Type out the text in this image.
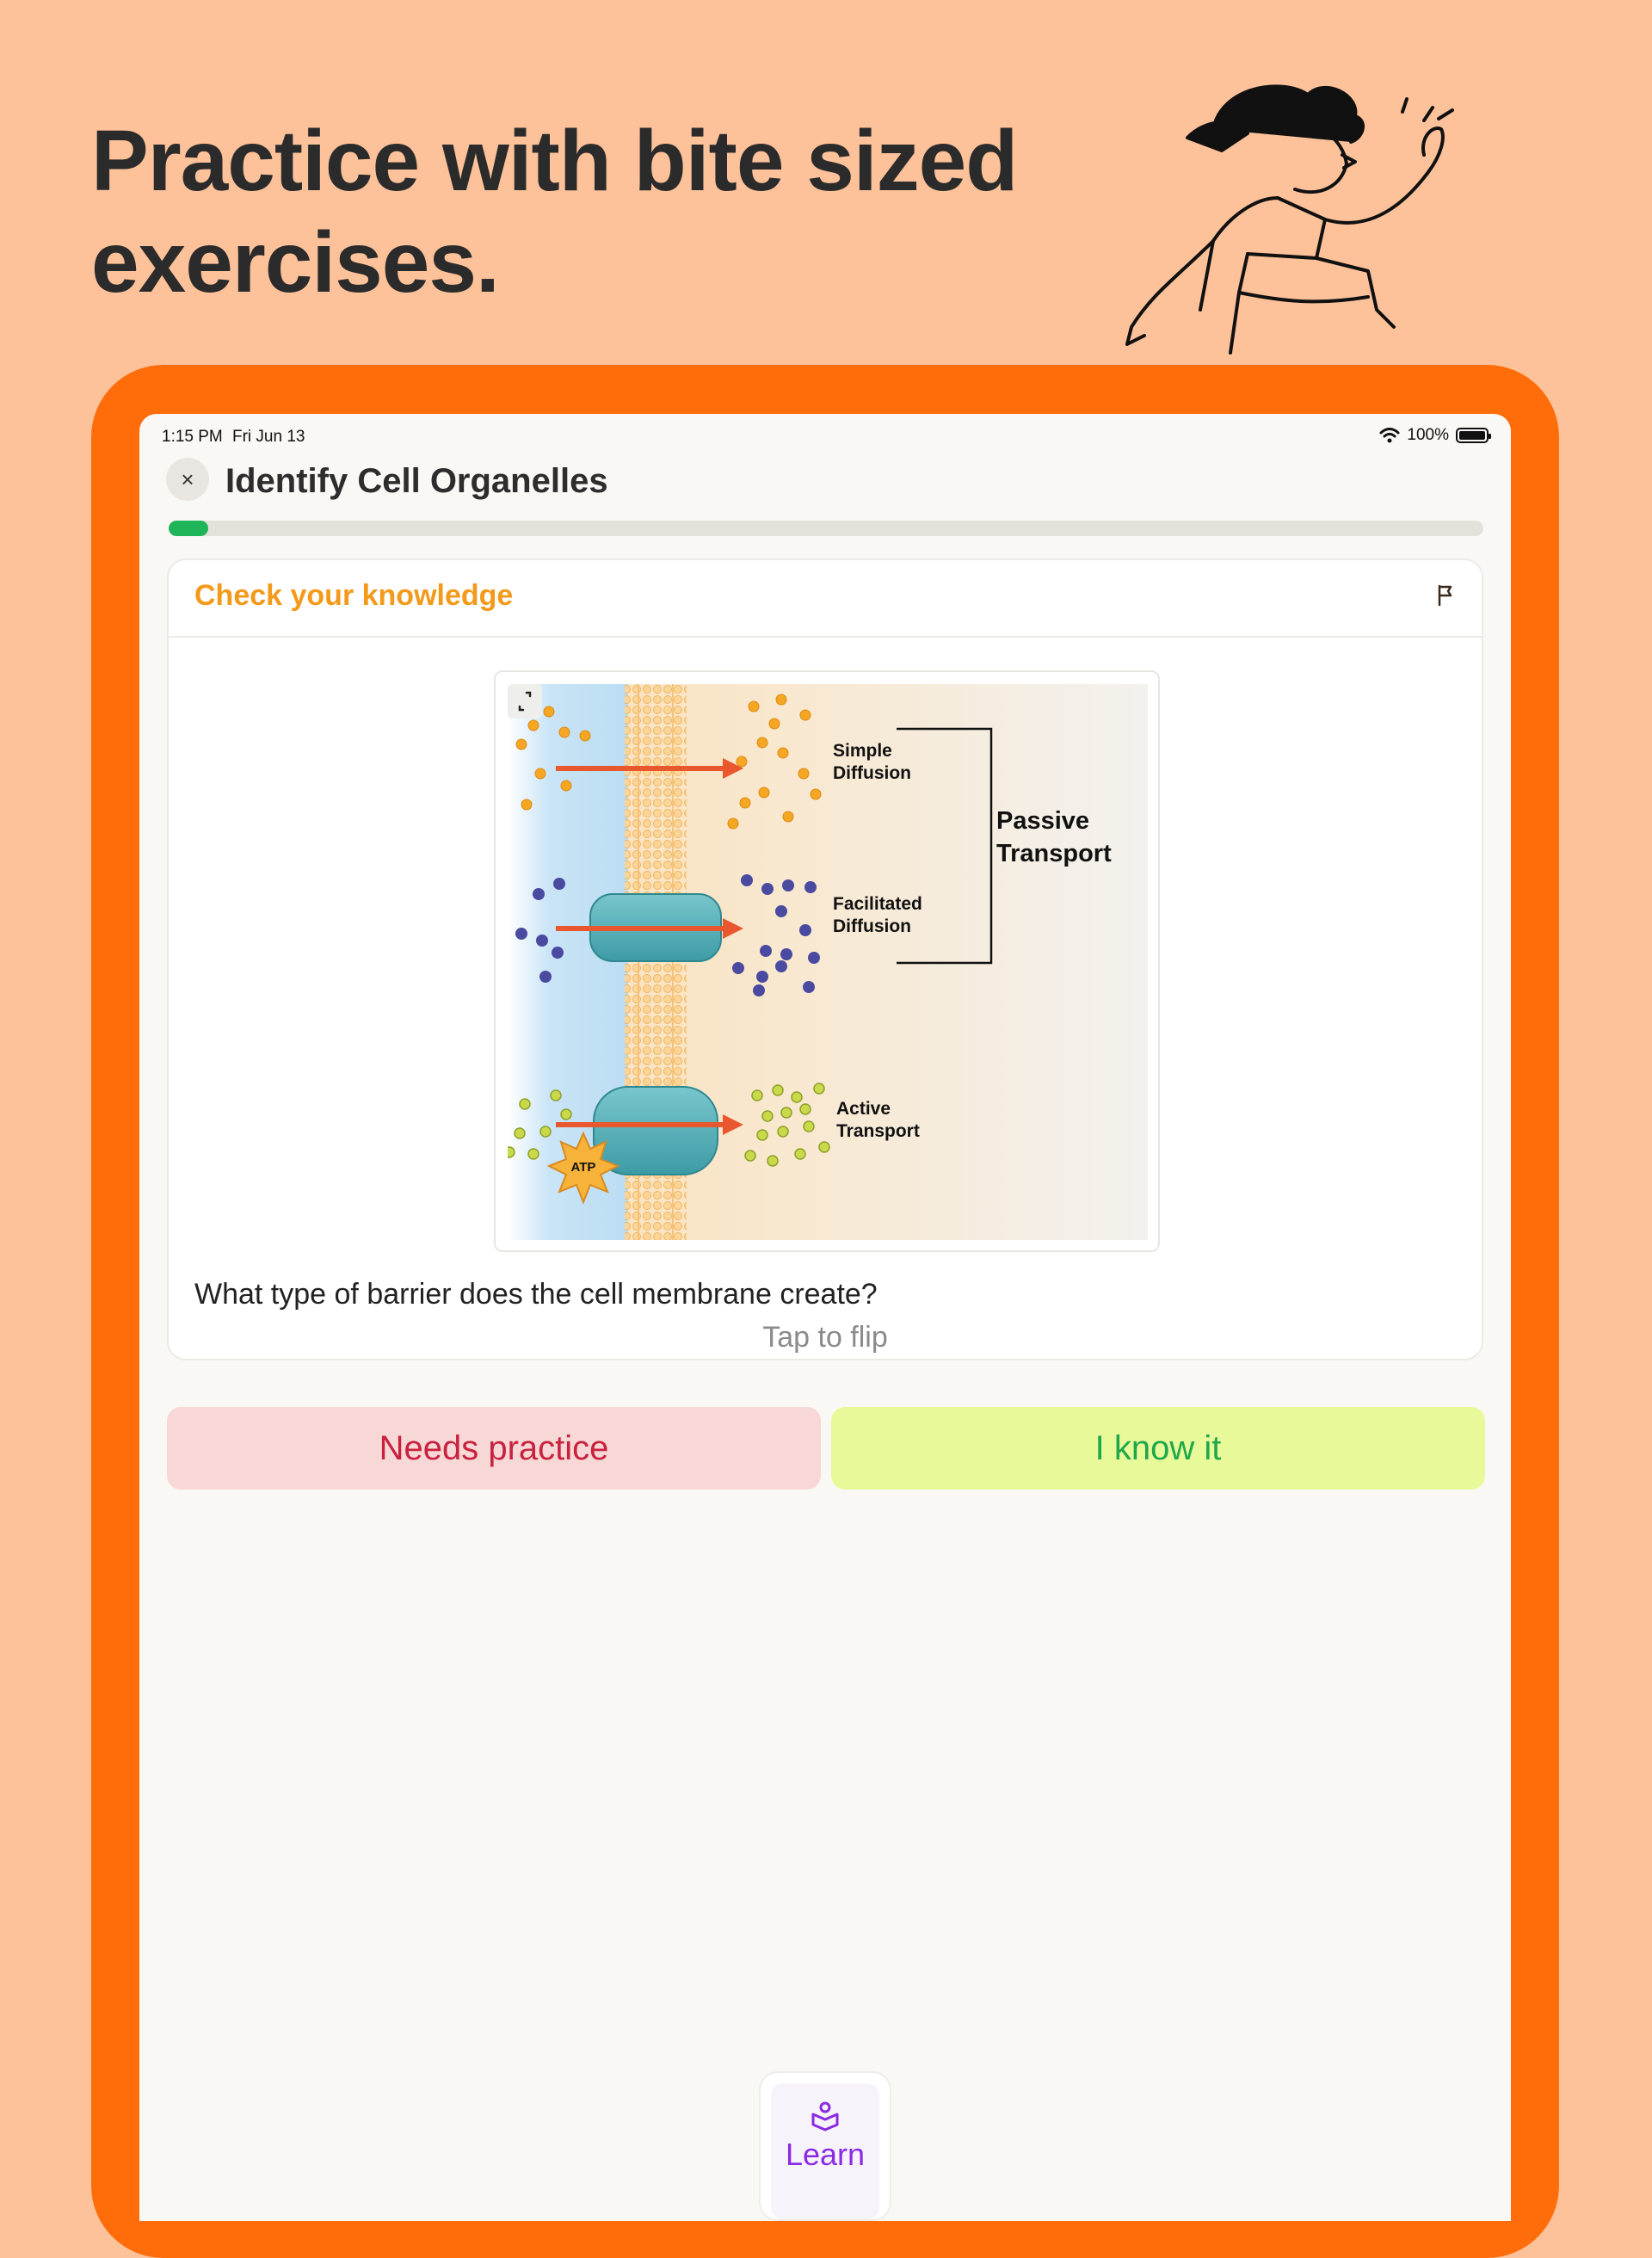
Practice with bite sized
exercises.
1:15 PM Fri Jun 13	100%
× Identify Cell Organelles
Check your knowledge
ATP
Simple
Diffusion
Facilitated
Diffusion
Active
Transport
Passive
Transport
What type of barrier does the cell membrane create?
Tap to flip
Needs practice	I know it
Learn
